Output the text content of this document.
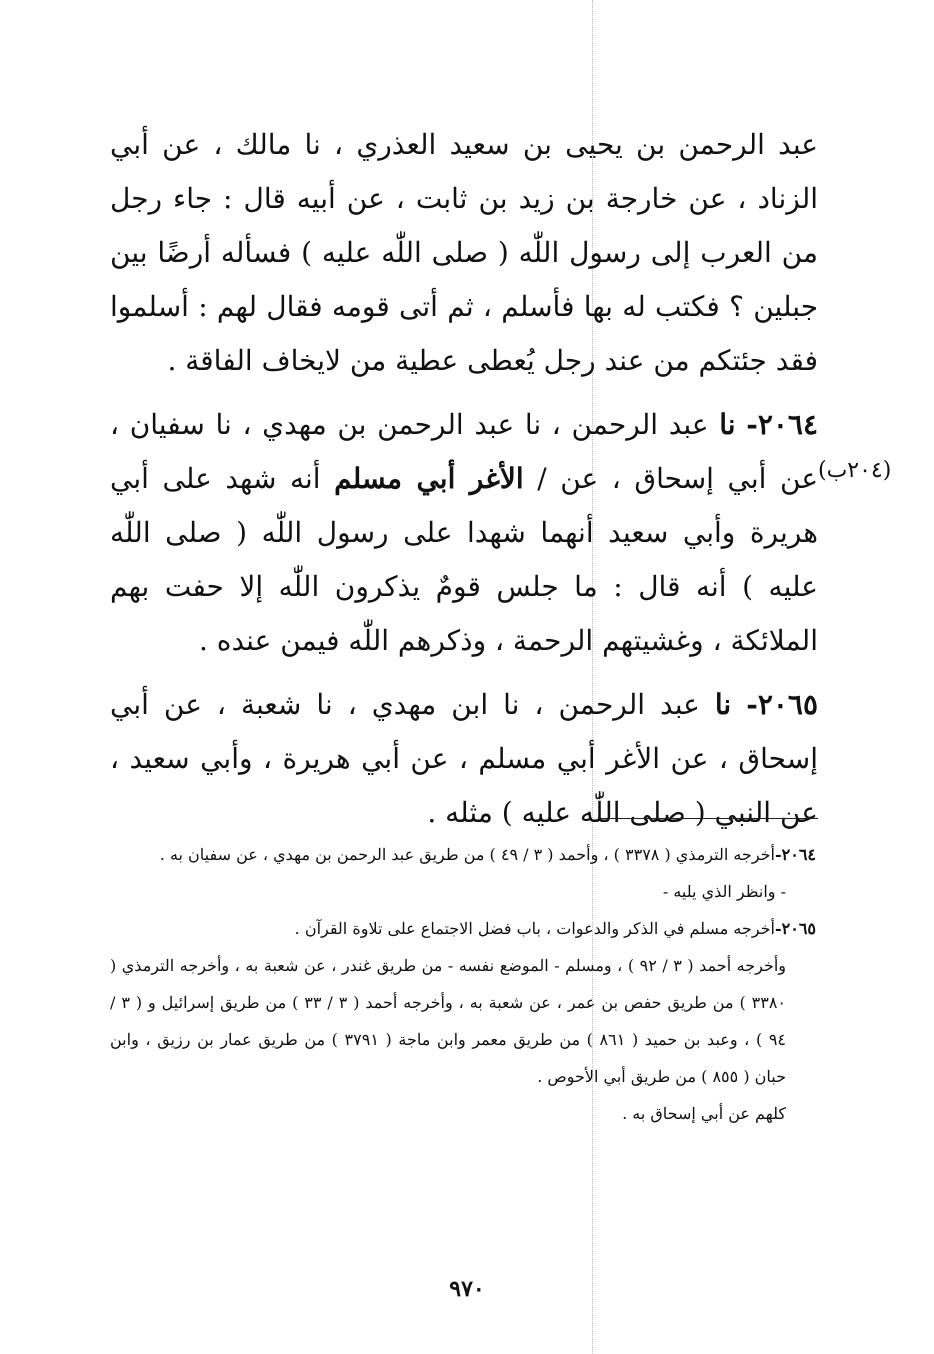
عبد الرحمن بن يحيى بن سعيد العذري ، نا مالك ، عن أبي الزناد ، عن خارجة بن زيد بن ثابت ، عن أبيه قال : جاء رجل من العرب إلى رسول اللّٰه ( صلى اللّٰه عليه ) فسأله أرضًا بين جبلين ؟ فكتب له بها فأسلم ، ثم أتى قومه فقال لهم : أسلموا فقد جئتكم من عند رجل يُعطى عطية من لايخاف الفاقة .

٢٠٦٤- نا عبد الرحمن ، نا عبد الرحمن بن مهدي ، نا سفيان ، عن أبي إسحاق ، عن / الأغر أبي مسلم أنه شهد على أبي هريرة وأبي سعيد أنهما شهدا على رسول اللّٰه ( صلى اللّٰه عليه ) أنه قال : ما جلس قومٌ يذكرون اللّٰه إلا حفت بهم الملائكة ، وغشيتهم الرحمة ، وذكرهم اللّٰه فيمن عنده .

٢٠٦٥- نا عبد الرحمن ، نا ابن مهدي ، نا شعبة ، عن أبي إسحاق ، عن الأغر أبي مسلم ، عن أبي هريرة ، وأبي سعيد ، عن النبي ( صلى اللّٰه عليه ) مثله .

(٢٠٤ب)

٢٠٦٤-أخرجه الترمذي ( ٣٣٧٨ ) ، وأحمد ( ٣ / ٤٩ ) من طريق عبد الرحمن بن مهدي ، عن سفيان به .

- وانظر الذي يليه -

٢٠٦٥-أخرجه مسلم في الذكر والدعوات ، باب فضل الاجتماع على تلاوة القرآن .

وأخرجه أحمد ( ٣ / ٩٢ ) ، ومسلم - الموضع نفسه - من طريق غندر ، عن شعبة به ، وأخرجه الترمذي ( ٣٣٨٠ ) من طريق حفص بن عمر ، عن شعبة به ، وأخرجه أحمد ( ٣ / ٣٣ ) من طريق إسرائيل و ( ٣ / ٩٤ ) ، وعبد بن حميد ( ٨٦١ ) من طريق معمر وابن ماجة ( ٣٧٩١ ) من طريق عمار بن رزيق ، وابن حبان ( ٨٥٥ ) من طريق أبي الأحوص .

كلهم عن أبي إسحاق به .

٩٧٠
